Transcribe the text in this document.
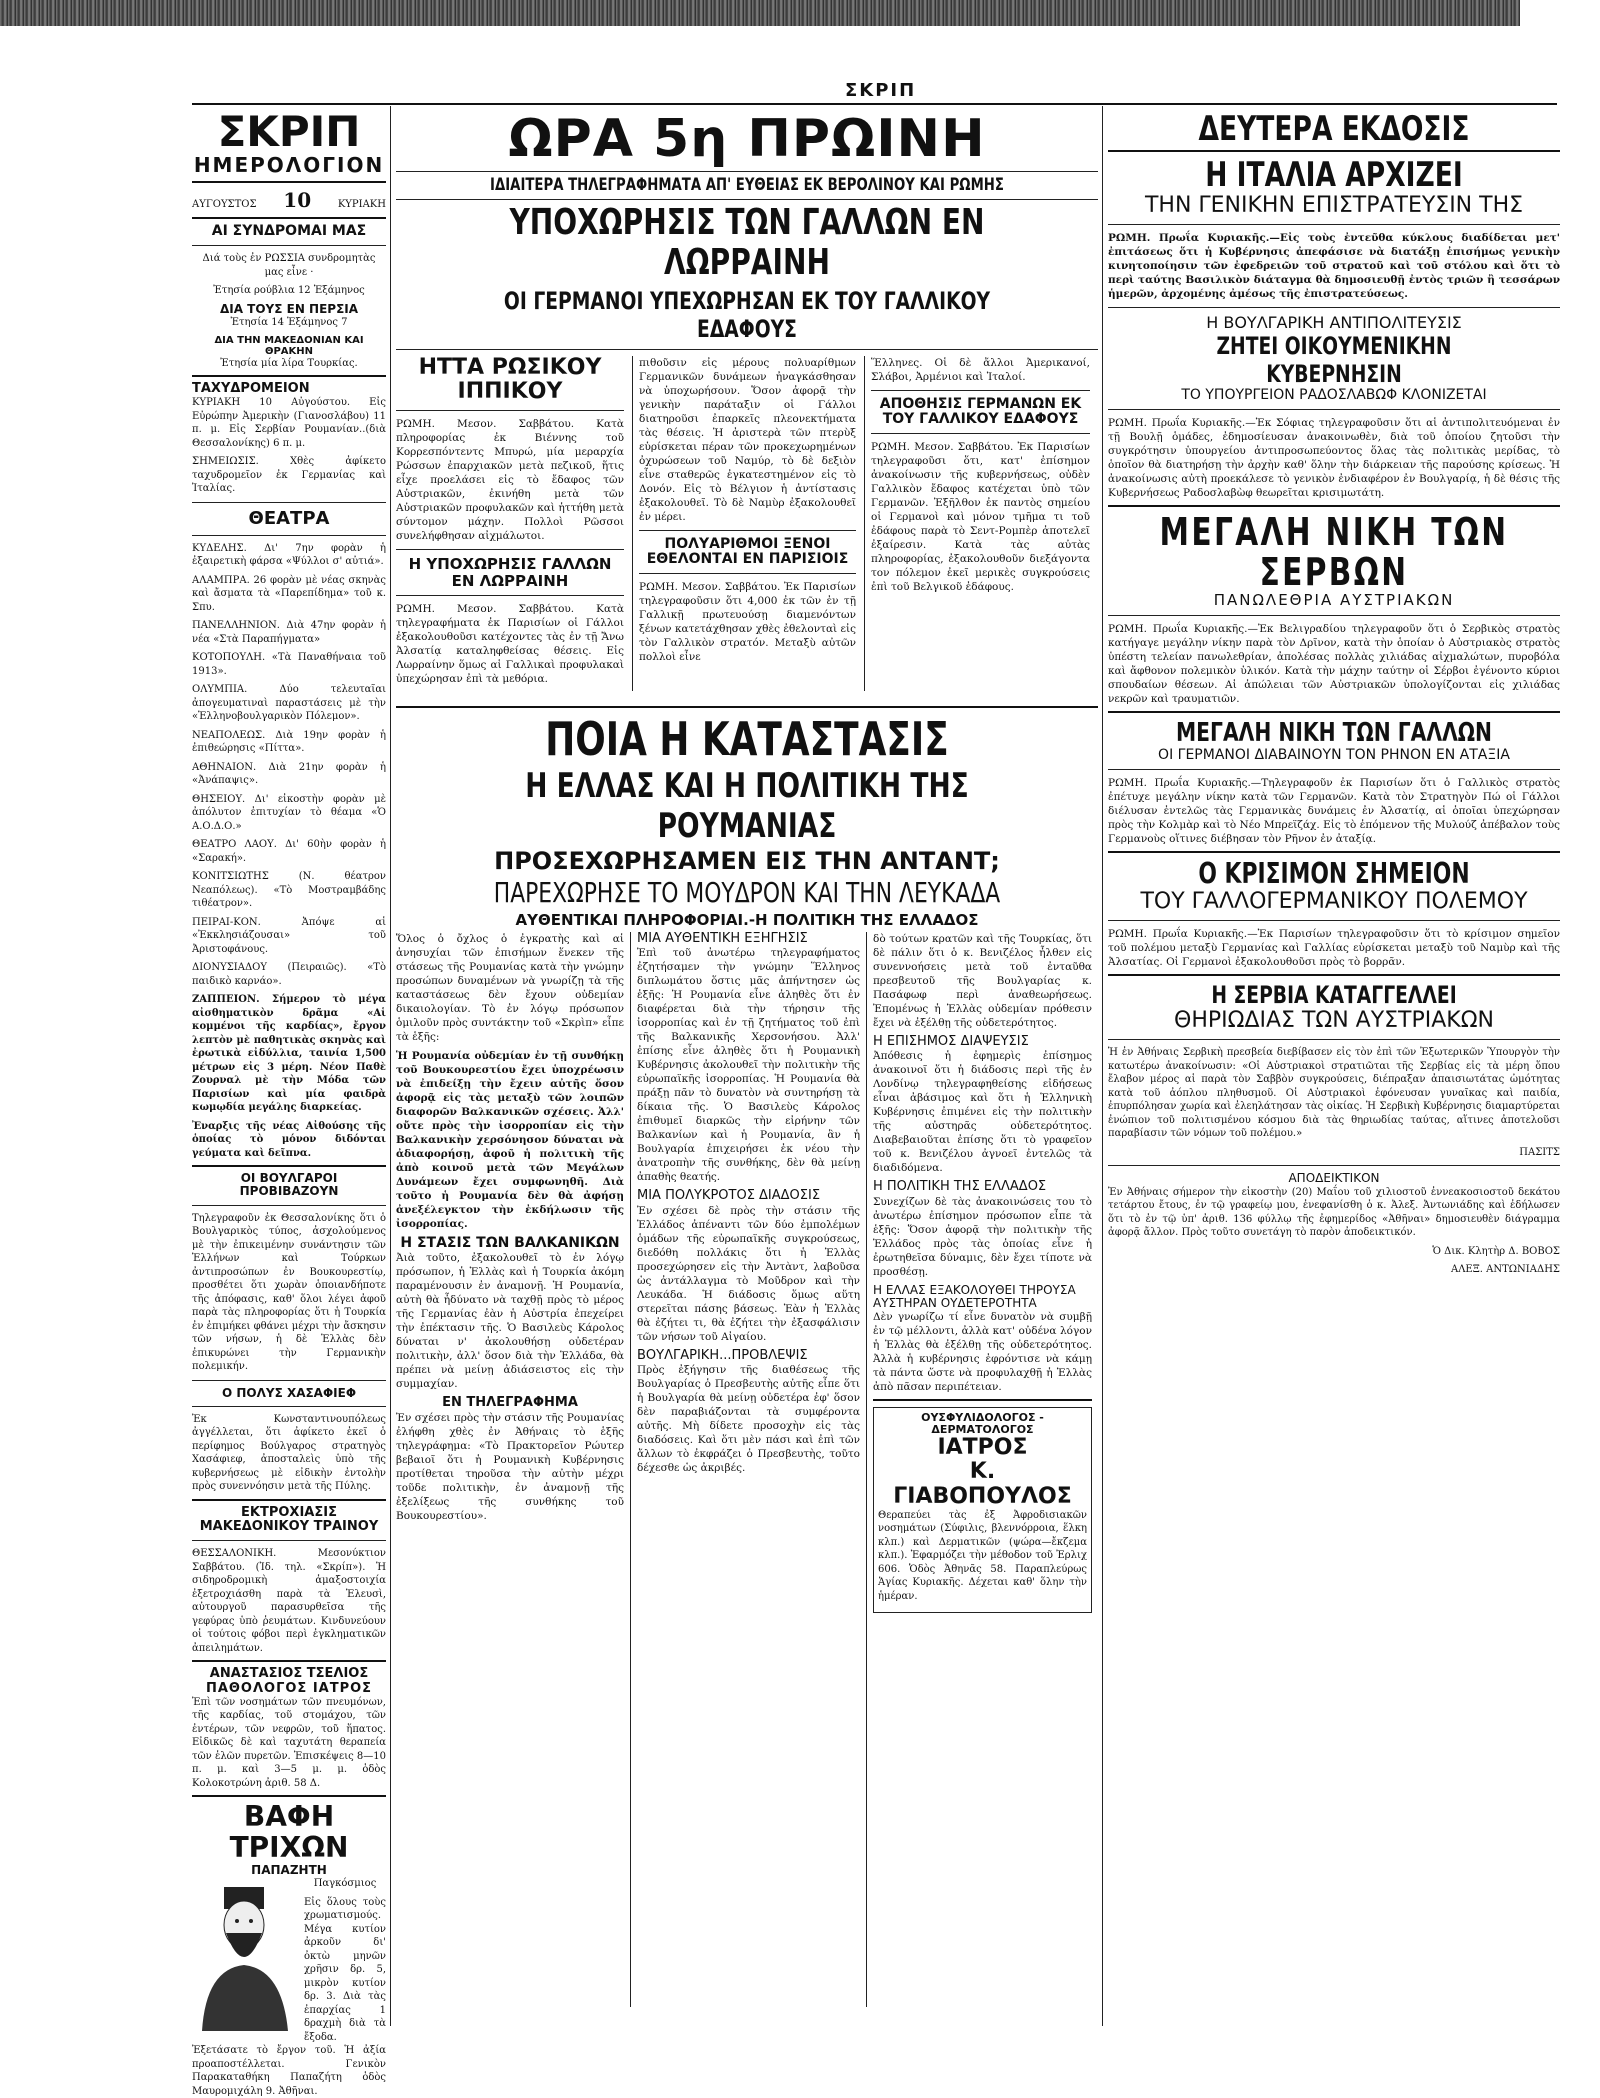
ΣΚΡΙΠ
ΣΚΡΙΠ
ΗΜΕΡΟΛΟΓΙΟΝ
ΑΥΓΟΥΣΤΟΣ 10	ΚΥΡΙΑΚΗ
ΑΙ ΣΥΝΔΡΟΜΑΙ ΜΑΣ
Διά τοὺς ἐν ΡΩΣΣΙΑ συνδρομητὰς μας εἶνε ·
Ἐτησία ρούβλια 12 Ἑξάμηνος
ΔΙΑ ΤΟΥΣ ΕΝ ΠΕΡΣΙΑ
Ἐτησία 14 Ἑξάμηνος 7
ΔΙΑ ΤΗΝ ΜΑΚΕΔΟΝΙΑΝ ΚΑΙ ΘΡΑΚΗΝ
Ἐτησία μία λίρα Τουρκίας.
ΤΑΧΥΔΡΟΜΕΙΟΝ
ΚΥΡΙΑΚΗ 10 Αὐγούστου. Εἰς Εὐρώπην Ἀμερικὴν (Γιανοσλάβου) 11 π. μ. Εἰς Σερβίαν Ρουμανίαν..(διὰ Θεσσαλονίκης) 6 π. μ.
ΣΗΜΕΙΩΣΙΣ. Χθὲς ἀφίκετο ταχυδρομεῖον ἐκ Γερμανίας καὶ Ἰταλίας.
ΘΕΑΤΡΑ
ΚΥΔΕΛΗΣ. Δι' 7ην φορὰν ἡ ἐξαιρετικὴ φάρσα «Ψύλλοι σ' αὐτιά».
ΑΛΑΜΠΡΑ. 26 φορὰν μὲ νέας σκηνὰς καὶ ἄσματα τὰ «Παρεπίδημα» τοῦ κ. Σπυ.
ΠΑΝΕΛΛΗΝΙΟΝ. Διὰ 47ην φορὰν ἡ νέα «Στὰ Παραπήγματα»
ΚΟΤΟΠΟΥΛΗ. «Τὰ Παναθήναια τοῦ 1913».
ΟΛΥΜΠΙΑ. Δύο τελευταῖαι ἀπογευματιναὶ παραστάσεις μὲ τὴν «Ἑλληνοβουλγαρικὸν Πόλεμον».
ΝΕΑΠΟΛΕΩΣ. Διὰ 19ην φορὰν ἡ ἐπιθεώρησις «Πίττα».
ΑΘΗΝΑΙΟΝ. Διὰ 21ην φορὰν ἡ «Ἀνάπαψις».
ΘΗΣΕΙΟΥ. Δι' εἰκοστὴν φορὰν μὲ ἀπόλυτον ἐπιτυχίαν τὸ θέαμα «Ὁ Α.Ο.Δ.Ο.»
ΘΕΑΤΡΟ ΛΑΟΥ. Δι' 60ὴν φορὰν ἡ «Σαρακή».
ΚΟΝΙΤΣΙΩΤΗΣ (Ν. θέατρον Νεαπόλεως). «Τὸ Μοστραμβάδης τιθέατρον».
ΠΕΙΡΑΙ-ΚΟΝ. Ἀπόψε αἱ «Ἐκκλησιάζουσαι» τοῦ Ἀριστοφάνους.
ΔΙΟΝΥΣΙΑΔΟΥ (Πειραιῶς). «Τὸ παιδικὸ καρνάο».
ΖΑΠΠΕΙΟΝ. Σήμερον τὸ μέγα αἰσθηματικὸν δρᾶμα «Αἱ κομμένοι τῆς καρδίας», ἔργον λεπτὸν μὲ παθητικὰς σκηνὰς καὶ ἐρωτικὰ εἰδύλλια, ταινία 1,500 μέτρων εἰς 3 μέρη. Νέον Παθὲ Ζουρναλ μὲ τὴν Μόδα τῶν Παρισίων καὶ μία φαιδρὰ κωμῳδία μεγάλης διαρκείας.
Ἐναρξις τῆς νέας Αἰθούσης τῆς ὁποίας τὸ μόνον διδόνται γεύματα καὶ δεῖπνα.
ΟΙ ΒΟΥΛΓΑΡΟΙ ΠΡΟΒΙΒΑΖΟΥΝ
Τηλεγραφοῦν ἐκ Θεσσαλονίκης ὅτι ὁ Βουλγαρικὸς τύπος, ἀσχολούμενος μὲ τὴν ἐπικειμένην συνάντησιν τῶν Ἑλλήνων καὶ Τούρκων ἀντιπροσώπων ἐν Βουκουρεστίῳ, προσθέτει ὅτι χωρὰν ὁποιανδήποτε τῆς ἀπόφασις, καθ' ὅλοι λέγει ἀφοῦ παρὰ τὰς πληροφορίας ὅτι ἡ Τουρκία ἐν ἐπιμήκει φθάνει μέχρι τὴν ἄσκησιν τῶν νήσων, ἡ δὲ Ἑλλὰς δὲν ἐπικυρώνει τὴν Γερμανικὴν πολεμικήν.
Ο ΠΟΛΥΣ ΧΑΣΑΦΙΕΦ
Ἐκ Κωνσταντινουπόλεως ἀγγέλλεται, ὅτι ἀφίκετο ἐκεῖ ὁ περίφημος Βούλγαρος στρατηγὸς Χασάφιεφ, ἀποσταλεὶς ὑπὸ τῆς κυβερνήσεως μὲ εἰδικὴν ἐντολὴν πρὸς συνεννόησιν μετὰ τῆς Πύλης.
ΕΚΤΡΟΧΙΑΣΙΣ ΜΑΚΕΔΟΝΙΚΟΥ ΤΡΑΙΝΟΥ
ΘΕΣΣΑΛΟΝΙΚΗ. Μεσονύκτιον Σαββάτου. (Ἰδ. τηλ. «Σκρίπ»). Ἡ σιδηροδρομικὴ ἁμαξοστοιχία ἐξετροχιάσθη παρὰ τὰ Ἑλευσὶ, αὐτουργοῦ παρασυρθεῖσα τῆς γεφύρας ὑπὸ ῥευμάτων. Κινδυνεύουν οἱ τούτοις φόβοι περὶ ἐγκληματικῶν ἀπειλημάτων.
ΑΝΑΣΤΑΣΙΟΣ ΤΣΕΛΙΟΣ
ΠΑΘΟΛΟΓΟΣ ΙΑΤΡΟΣ
Ἐπὶ τῶν νοσημάτων τῶν πνευμόνων, τῆς καρδίας, τοῦ στομάχου, τῶν ἐντέρων, τῶν νεφρῶν, τοῦ ἥπατος. Εἰδικῶς δὲ καὶ ταχυτάτη θεραπεία τῶν ἑλῶν πυρετῶν. Ἐπισκέψεις 8—10 π. μ. καὶ 3—5 μ. μ. ὁδὸς Κολοκοτρώνη ἀριθ. 58 Δ.
ΒΑΦΗ ΤΡΙΧΩΝ
ΠΑΠΑΖΗΤΗ
Παγκόσμιος
Εἰς ὅλους τοὺς χρωματισμούς. Μέγα κυτίον ἀρκοῦν δι' ὀκτὼ μηνῶν χρῆσιν δρ. 5, μικρὸν κυτίον δρ. 3. Διὰ τὰς ἐπαρχίας 1 δραχμὴ διὰ τὰ ἔξοδα. Ἐξετάσατε τὸ ἔργον τοῦ. Ἡ ἀξία προαποστέλλεται. Γενικὸν Παρακαταθήκη Παπαζήτη ὁδὸς Μαυρομιχάλη 9. Ἀθῆναι.
ΩΡΑ 5η ΠΡΩΙΝΗ
ΙΔΙΑΙΤΕΡΑ ΤΗΛΕΓΡΑΦΗΜΑΤΑ ΑΠ' ΕΥΘΕΙΑΣ ΕΚ ΒΕΡΟΛΙΝΟΥ ΚΑΙ ΡΩΜΗΣ
ΥΠΟΧΩΡΗΣΙΣ ΤΩΝ ΓΑΛΛΩΝ ΕΝ ΛΩΡΡΑΙΝΗ
ΟΙ ΓΕΡΜΑΝΟΙ ΥΠΕΧΩΡΗΣΑΝ ΕΚ ΤΟΥ ΓΑΛΛΙΚΟΥ ΕΔΑΦΟΥΣ
ΗΤΤΑ ΡΩΣΙΚΟΥ ΙΠΠΙΚΟΥ
ΡΩΜΗ. Μεσον. Σαββάτου. Κατὰ πληροφορίας ἐκ Βιέννης τοῦ Κορρεσπόντεντς Μπυρώ, μία μεραρχία Ρώσσων ἐπαρχιακῶν μετὰ πεζικοῦ, ἥτις εἶχε προελάσει εἰς τὸ ἔδαφος τῶν Αὐστριακῶν, ἐκινήθη μετὰ τῶν Αὐστριακῶν προφυλακῶν καὶ ἡττήθη μετὰ σύντομον μάχην. Πολλοὶ Ρῶσσοι συνελήφθησαν αἰχμάλωτοι.
Η ΥΠΟΧΩΡΗΣΙΣ ΓΑΛΛΩΝ ΕΝ ΛΩΡΡΑΙΝΗ
ΡΩΜΗ. Μεσον. Σαββάτου. Κατὰ τηλεγραφήματα ἐκ Παρισίων οἱ Γάλλοι ἐξακολουθοῦσι κατέχοντες τὰς ἐν τῇ Ἄνω Ἀλσατίᾳ καταληφθείσας θέσεις. Εἰς Λωρραίνην ὅμως αἱ Γαλλικαὶ προφυλακαὶ ὑπεχώρησαν ἐπὶ τὰ μεθόρια.
πιθοῦσιν εἰς μέρους πολυαρίθμων Γερμανικῶν δυνάμεων ἠναγκάσθησαν νὰ ὑποχωρήσουν. Ὅσον ἀφορᾷ τὴν γενικὴν παράταξιν οἱ Γάλλοι διατηροῦσι ἐπαρκεῖς πλεονεκτήματα τὰς θέσεις. Ἡ ἀριστερὰ τῶν πτερὺξ εὑρίσκεται πέραν τῶν προκεχωρημένων ὀχυρώσεων τοῦ Ναμύρ, τὸ δὲ δεξιὸν εἶνε σταθερῶς ἐγκατεστημένον εἰς τὸ Δονόν. Εἰς τὸ Βέλγιον ἡ ἀντίστασις ἐξακολουθεῖ. Τὸ δὲ Ναμὺρ ἐξακολουθεῖ ἐν μέρει.
ΠΟΛΥΑΡΙΘΜΟΙ ΞΕΝΟΙ ΕΘΕΛΟΝΤΑΙ ΕΝ ΠΑΡΙΣΙΟΙΣ
ΡΩΜΗ. Μεσον. Σαββάτου. Ἐκ Παρισίων τηλεγραφοῦσιν ὅτι 4,000 ἐκ τῶν ἐν τῇ Γαλλικῇ πρωτευούσῃ διαμενόντων ξένων κατετάχθησαν χθὲς ἐθελονταὶ εἰς τὸν Γαλλικὸν στρατόν. Μεταξὺ αὐτῶν πολλοὶ εἶνε
Ἕλληνες. Οἱ δὲ ἄλλοι Ἀμερικανοί, Σλάβοι, Ἀρμένιοι καὶ Ἰταλοί.
ΑΠΟΘΗΣΙΣ ΓΕΡΜΑΝΩΝ ΕΚ ΤΟΥ ΓΑΛΛΙΚΟΥ ΕΔΑΦΟΥΣ
ΡΩΜΗ. Μεσον. Σαββάτου. Ἐκ Παρισίων τηλεγραφοῦσι ὅτι, κατ' ἐπίσημον ἀνακοίνωσιν τῆς κυβερνήσεως, οὐδὲν Γαλλικὸν ἔδαφος κατέχεται ὑπὸ τῶν Γερμανῶν. Ἐξῆλθον ἐκ παντὸς σημείου οἱ Γερμανοὶ καὶ μόνον τμῆμα τι τοῦ ἐδάφους παρὰ τὸ Σεντ-Ρομπὲρ ἀποτελεῖ ἐξαίρεσιν. Κατὰ τὰς αὐτὰς πληροφορίας, ἐξακολουθοῦν διεξάγοντα τον πόλεμον ἐκεῖ μερικὲς συγκρούσεις ἐπὶ τοῦ Βελγικοῦ ἐδάφους.
ΠΟΙΑ Η ΚΑΤΑΣΤΑΣΙΣ
Η ΕΛΛΑΣ ΚΑΙ Η ΠΟΛΙΤΙΚΗ ΤΗΣ ΡΟΥΜΑΝΙΑΣ
ΠΡΟΣΕΧΩΡΗΣΑΜΕΝ ΕΙΣ ΤΗΝ ΑΝΤΑΝΤ;
ΠΑΡΕΧΩΡΗΣΕ ΤΟ ΜΟΥΔΡΟΝ ΚΑΙ ΤΗΝ ΛΕΥΚΑΔΑ
ΑΥΘΕΝΤΙΚΑΙ ΠΛΗΡΟΦΟΡΙΑΙ.-Η ΠΟΛΙΤΙΚΗ ΤΗΣ ΕΛΛΑΔΟΣ
Ὅλος ὁ ὄχλος ὁ ἐγκρατὴς καὶ αἱ ἀνησυχίαι τῶν ἐπισήμων ἕνεκεν τῆς στάσεως τῆς Ρουμανίας κατὰ τὴν γνώμην προσώπων δυναμένων νὰ γνωρίζῃ τὰ τῆς καταστάσεως δὲν ἔχουν οὐδεμίαν δικαιολογίαν. Τὸ ἐν λόγῳ πρόσωπον ὁμιλοῦν πρὸς συντάκτην τοῦ «Σκρὶπ» εἶπε τὰ ἑξῆς:
Ἡ Ρουμανία οὐδεμίαν ἐν τῇ συνθήκῃ τοῦ Βουκουρεστίου ἔχει ὑποχρέωσιν νὰ ἐπιδείξῃ τὴν ἔχειν αὐτῆς ὅσον ἀφορᾷ εἰς τὰς μεταξὺ τῶν λοιπῶν διαφορῶν Βαλκανικῶν σχέσεις. Ἀλλ' οὔτε πρὸς τὴν ἰσορροπίαν εἰς τὴν Βαλκανικὴν χερσόνησον δύναται νὰ ἀδιαφορήσῃ, ἀφοῦ ἡ πολιτικὴ τῆς ἀπὸ κοινοῦ μετὰ τῶν Μεγάλων Δυνάμεων ἔχει συμφωνηθῆ. Διὰ τοῦτο ἡ Ρουμανία δὲν θὰ ἀφήσῃ ἀνεξέλεγκτον τὴν ἐκδήλωσιν τῆς ἰσορροπίας.
Η ΣΤΑΣΙΣ ΤΩΝ ΒΑΛΚΑΝΙΚΩΝ
Ἀιὰ τοῦτο, ἐξακολουθεῖ τὸ ἐν λόγῳ πρόσωπον, ἡ Ἑλλὰς καὶ ἡ Τουρκία ἀκόμη παραμένουσιν ἐν ἀναμονῇ. Ἡ Ρουμανία, αὐτὴ θὰ ἦδύνατο νὰ ταχθῇ πρὸς τὸ μέρος τῆς Γερμανίας ἐὰν ἡ Αὐστρία ἐπεχείρει τὴν ἐπέκτασιν τῆς. Ὁ Βασιλεὺς Κάρολος δύναται ν' ἀκολουθήσῃ οὐδετέραν πολιτικὴν, ἀλλ' ὅσον διὰ τὴν Ἑλλάδα, θὰ πρέπει νὰ μείνῃ ἀδιάσειστος εἰς τὴν συμμαχίαν.
ΕΝ ΤΗΛΕΓΡΑΦΗΜΑ
Ἐν σχέσει πρὸς τὴν στάσιν τῆς Ρουμανίας ἐλήφθη χθὲς ἐν Ἀθήναις τὸ ἑξῆς τηλεγράφημα: «Τὸ Πρακτορεῖον Ρώυτερ βεβαιοῖ ὅτι ἡ Ρουμανικὴ Κυβέρνησις προτίθεται τηροῦσα τὴν αὐτὴν μέχρι τοῦδε πολιτικὴν, ἐν ἀναμονῇ τῆς ἐξελίξεως τῆς συνθήκης τοῦ Βουκουρεστίου».
ΜΙΑ ΑΥΘΕΝΤΙΚΗ ΕΞΗΓΗΣΙΣ
Ἐπὶ τοῦ ἀνωτέρω τηλεγραφήματος ἐζητήσαμεν τὴν γνώμην Ἕλληνος διπλωμάτου ὅστις μᾶς ἀπήντησεν ὡς ἑξῆς: Ἡ Ρουμανία εἶνε ἀληθὲς ὅτι ἐν διαφέρεται διὰ τὴν τήρησιν τῆς ἰσορροπίας καὶ ἐν τῇ ζητήματος τοῦ ἐπὶ τῆς Βαλκανικῆς Χερσονήσου. Ἀλλ' ἐπίσης εἶνε ἀληθὲς ὅτι ἡ Ρουμανικὴ Κυβέρνησις ἀκολουθεῖ τὴν πολιτικὴν τῆς εὐρωπαϊκῆς ἰσορροπίας. Ἡ Ρουμανία θὰ πράξῃ πᾶν τὸ δυνατὸν νὰ συντηρήσῃ τὰ δίκαια τῆς. Ὁ Βασιλεὺς Κάρολος ἐπιθυμεῖ διαρκῶς τὴν εἰρήνην τῶν Βαλκανίων καὶ ἡ Ρουμανία, ἂν ἡ Βουλγαρία ἐπιχειρήσει ἐκ νέου τὴν ἀνατροπὴν τῆς συνθήκης, δὲν θὰ μείνῃ ἀπαθὴς θεατής.
ΜΙΑ ΠΟΛΥΚΡΟΤΟΣ ΔΙΑΔΟΣΙΣ
Ἐν σχέσει δὲ πρὸς τὴν στάσιν τῆς Ἑλλάδος ἀπέναντι τῶν δύο ἐμπολέμων ὁμάδων τῆς εὐρωπαϊκῆς συγκρούσεως, διεδόθη πολλάκις ὅτι ἡ Ἑλλὰς προσεχώρησεν εἰς τὴν Ἀντὰντ, λαβοῦσα ὡς ἀντάλλαγμα τὸ Μοῦδρον καὶ τὴν Λευκάδα. Ἡ διάδοσις ὅμως αὕτη στερεῖται πάσης βάσεως. Ἐὰν ἡ Ἑλλὰς θὰ ἐζήτει τι, θὰ ἐζήτει τὴν ἐξασφάλισιν τῶν νήσων τοῦ Αἰγαίου.
ΒΟΥΛΓΑΡΙΚΗ...ΠΡΟΒΛΕΨΙΣ
Πρὸς ἐξήγησιν τῆς διαθέσεως τῆς Βουλγαρίας ὁ Πρεσβευτὴς αὐτῆς εἶπε ὅτι ἡ Βουλγαρία θὰ μείνῃ οὐδετέρα ἐφ' ὅσον δὲν παραβιάζονται τὰ συμφέροντα αὐτῆς. Μὴ δίδετε προσοχὴν εἰς τὰς διαδόσεις. Καὶ ὅτι μὲν πάσι καὶ ἐπὶ τῶν ἄλλων τὸ ἐκφράζει ὁ Πρεσβευτὴς, τοῦτο δέχεσθε ὡς ἀκριβές.
δὸ τούτων κρατῶν καὶ τῆς Τουρκίας, ὅτι δὲ πάλιν ὅτι ὁ κ. Βενιζέλος ἦλθεν εἰς συνεννοήσεις μετὰ τοῦ ἐνταῦθα πρεσβευτοῦ τῆς Βουλγαρίας κ. Πασάφωφ περὶ ἀναθεωρήσεως. Ἐπομένως ἡ Ἑλλὰς οὐδεμίαν πρόθεσιν ἔχει νὰ ἐξέλθῃ τῆς οὐδετερότητος.
Η ΕΠΙΣΗΜΟΣ ΔΙΑΨΕΥΣΙΣ
Ἀπόθεσις ἡ ἐφημερὶς ἐπίσημος ἀνακοινοῖ ὅτι ἡ διάδοσις περὶ τῆς ἐν Λονδίνῳ τηλεγραφηθείσης εἰδήσεως εἶναι ἀβάσιμος καὶ ὅτι ἡ Ἑλληνικὴ Κυβέρνησις ἐπιμένει εἰς τὴν πολιτικὴν τῆς αὐστηρᾶς οὐδετερότητος. Διαβεβαιοῦται ἐπίσης ὅτι τὸ γραφεῖον τοῦ κ. Βενιζέλου ἀγνοεῖ ἐντελῶς τὰ διαδιδόμενα.
Η ΠΟΛΙΤΙΚΗ ΤΗΣ ΕΛΛΑΔΟΣ
Συνεχίζων δὲ τὰς ἀνακοινώσεις του τὸ ἀνωτέρω ἐπίσημον πρόσωπον εἶπε τὰ ἑξῆς: Ὅσον ἀφορᾷ τὴν πολιτικὴν τῆς Ἑλλάδος πρὸς τὰς ὁποίας εἶνε ἡ ἐρωτηθεῖσα δύναμις, δὲν ἔχει τίποτε νὰ προσθέσῃ.
Η ΕΛΛΑΣ ΕΞΑΚΟΛΟΥΘΕΙ ΤΗΡΟΥΣΑ ΑΥΣΤΗΡΑΝ ΟΥΔΕΤΕΡΟΤΗΤΑ
Δὲν γνωρίζω τί εἶνε δυνατὸν νὰ συμβῇ ἐν τῷ μέλλοντι, ἀλλὰ κατ' οὐδένα λόγον ἡ Ἑλλὰς θὰ ἐξέλθῃ τῆς οὐδετερότητος. Ἀλλὰ ἡ κυβέρνησις ἐφρόντισε νὰ κάμῃ τὰ πάντα ὥστε νὰ προφυλαχθῇ ἡ Ἑλλὰς ἀπὸ πᾶσαν περιπέτειαν.
ΟΥΣΦΥΛΙΔΟΛΟΓΟΣ - ΔΕΡΜΑΤΟΛΟΓΟΣ
ΙΑΤΡΟΣ
Κ. ΓΙΑΒΟΠΟΥΛΟΣ
Θεραπεύει τὰς ἐξ Ἀφροδισιακῶν νοσημάτων (Σύφιλις, βλεννόρροια, ἕλκη κλπ.) καὶ Δερματικῶν (ψώρα—ἔκζεμα κλπ.). Ἐφαρμόζει τὴν μέθοδον τοῦ Ἐρλιχ 606. Ὁδὸς Ἀθηνᾶς 58. Παραπλεύρως Ἁγίας Κυριακῆς. Δέχεται καθ' ὅλην τὴν ἡμέραν.
ΔΕΥΤΕΡΑ ΕΚΔΟΣΙΣ
Η ΙΤΑΛΙΑ ΑΡΧΙΖΕΙ
ΤΗΝ ΓΕΝΙΚΗΝ ΕΠΙΣΤΡΑΤΕΥΣΙΝ ΤΗΣ
ΡΩΜΗ. Πρωΐα Κυριακῆς.—Εἰς τοὺς ἐντεῦθα κύκλους διαδίδεται μετ' ἐπιτάσεως ὅτι ἡ Κυβέρνησις ἀπεφάσισε νὰ διατάξῃ ἐπισήμως γενικὴν κινητοποίησιν τῶν ἐφεδρειῶν τοῦ στρατοῦ καὶ τοῦ στόλου καὶ ὅτι τὸ περὶ ταύτης Βασιλικὸν διάταγμα θὰ δημοσιευθῇ ἐντὸς τριῶν ἢ τεσσάρων ἡμερῶν, ἀρχομένης ἀμέσως τῆς ἐπιστρατεύσεως.
Η ΒΟΥΛΓΑΡΙΚΗ ΑΝΤΙΠΟΛΙΤΕΥΣΙΣ
ΖΗΤΕΙ ΟΙΚΟΥΜΕΝΙΚΗΝ ΚΥΒΕΡΝΗΣΙΝ
ΤΟ ΥΠΟΥΡΓΕΙΟΝ ΡΑΔΟΣΛΑΒΩΦ ΚΛΟΝΙΖΕΤΑΙ
ΡΩΜΗ. Πρωΐα Κυριακῆς.—Ἐκ Σόφιας τηλεγραφοῦσιν ὅτι αἱ ἀντιπολιτευόμεναι ἐν τῇ Βουλῇ ὁμάδες, ἐδημοσίευσαν ἀνακοινωθὲν, διὰ τοῦ ὁποίου ζητοῦσι τὴν συγκρότησιν ὑπουργείου ἀντιπροσωπεύοντος ὅλας τὰς πολιτικὰς μερίδας, τὸ ὁποῖον θὰ διατηρήσῃ τὴν ἀρχὴν καθ' ὅλην τὴν διάρκειαν τῆς παρούσης κρίσεως. Ἡ ἀνακοίνωσις αὐτὴ προεκάλεσε τὸ γενικὸν ἐνδιαφέρον ἐν Βουλγαρίᾳ, ἡ δὲ θέσις τῆς Κυβερνήσεως Ραδοσλαβὼφ θεωρεῖται κρισιμωτάτη.
ΜΕΓΑΛΗ ΝΙΚΗ ΤΩΝ ΣΕΡΒΩΝ
ΠΑΝΩΛΕΘΡΙΑ ΑΥΣΤΡΙΑΚΩΝ
ΡΩΜΗ. Πρωΐα Κυριακῆς.—Ἐκ Βελιγραδίου τηλεγραφοῦν ὅτι ὁ Σερβικὸς στρατὸς κατήγαγε μεγάλην νίκην παρὰ τὸν Δρῖνον, κατὰ τὴν ὁποίαν ὁ Αὐστριακὸς στρατὸς ὑπέστη τελείαν πανωλεθρίαν, ἀπολέσας πολλὰς χιλιάδας αἰχμαλώτων, πυροβόλα καὶ ἄφθονον πολεμικὸν ὑλικόν. Κατὰ τὴν μάχην ταύτην οἱ Σέρβοι ἐγένοντο κύριοι σπουδαίων θέσεων. Αἱ ἀπώλειαι τῶν Αὐστριακῶν ὑπολογίζονται εἰς χιλιάδας νεκρῶν καὶ τραυματιῶν.
ΜΕΓΑΛΗ ΝΙΚΗ ΤΩΝ ΓΑΛΛΩΝ
ΟΙ ΓΕΡΜΑΝΟΙ ΔΙΑΒΑΙΝΟΥΝ ΤΟΝ ΡΗΝΟΝ ΕΝ ΑΤΑΞΙΑ
ΡΩΜΗ. Πρωΐα Κυριακῆς.—Τηλεγραφοῦν ἐκ Παρισίων ὅτι ὁ Γαλλικὸς στρατὸς ἐπέτυχε μεγάλην νίκην κατὰ τῶν Γερμανῶν. Κατὰ τὸν Στρατηγὸν Πώ οἱ Γάλλοι διέλυσαν ἐντελῶς τὰς Γερμανικὰς δυνάμεις ἐν Ἀλσατίᾳ, αἱ ὁποῖαι ὑπεχώρησαν πρὸς τὴν Κολμὰρ καὶ τὸ Νέο Μπρεϊζάχ. Εἰς τὸ ἐπόμενον τῆς Μυλούζ ἀπέβαλον τοὺς Γερμανοὺς οἵτινες διέβησαν τὸν Ρῆνον ἐν ἀταξίᾳ.
Ο ΚΡΙΣΙΜΟΝ ΣΗΜΕΙΟΝ
ΤΟΥ ΓΑΛΛΟΓΕΡΜΑΝΙΚΟΥ ΠΟΛΕΜΟΥ
ΡΩΜΗ. Πρωΐα Κυριακῆς.—Ἐκ Παρισίων τηλεγραφοῦσιν ὅτι τὸ κρίσιμον σημεῖον τοῦ πολέμου μεταξὺ Γερμανίας καὶ Γαλλίας εὑρίσκεται μεταξὺ τοῦ Ναμὺρ καὶ τῆς Ἀλσατίας. Οἱ Γερμανοὶ ἐξακολουθοῦσι πρὸς τὸ βορρᾶν.
Η ΣΕΡΒΙΑ ΚΑΤΑΓΓΕΛΛΕΙ
ΘΗΡΙΩΔΙΑΣ ΤΩΝ ΑΥΣΤΡΙΑΚΩΝ
Ἡ ἐν Ἀθήναις Σερβικὴ πρεσβεία διεβίβασεν εἰς τὸν ἐπὶ τῶν Ἐξωτερικῶν Ὑπουργὸν τὴν κατωτέρω ἀνακοίνωσιν: «Οἱ Αὐστριακοὶ στρατιῶται τῆς Σερβίας εἰς τὰ μέρη ὅπου ἔλαβον μέρος αἱ παρὰ τὸν Σαββὸν συγκρούσεις, διέπραξαν ἀπαισιωτάτας ὠμότητας κατὰ τοῦ ἀόπλου πληθυσμοῦ. Οἱ Αὐστριακοὶ ἐφόνευσαν γυναῖκας καὶ παιδία, ἐπυρπόλησαν χωρία καὶ ἐλεηλάτησαν τὰς οἰκίας. Ἡ Σερβικὴ Κυβέρνησις διαμαρτύρεται ἐνώπιον τοῦ πολιτισμένου κόσμου διὰ τὰς θηριωδίας ταύτας, αἵτινες ἀποτελοῦσι παραβίασιν τῶν νόμων τοῦ πολέμου.»
ΠΑΣΙΤΣ
ΑΠΟΔΕΙΚΤΙΚΟΝ
Ἐν Ἀθήναις σήμερον τὴν εἰκοστὴν (20) Μαΐου τοῦ χιλιοστοῦ ἐννεακοσιοστοῦ δεκάτου τετάρτου ἔτους, ἐν τῷ γραφείῳ μου, ἐνεφανίσθη ὁ κ. Ἀλεξ. Ἀντωνιάδης καὶ ἐδήλωσεν ὅτι τὸ ἐν τῷ ὑπ' ἀριθ. 136 φύλλῳ τῆς ἐφημερίδος «Ἀθῆναι» δημοσιευθὲν διάγραμμα ἀφορᾷ ἄλλον. Πρὸς τοῦτο συνετάγη τὸ παρὸν ἀποδεικτικόν.
Ὁ Δικ. Κλητὴρ Δ. ΒΟΒΟΣ
ΑΛΕΞ. ΑΝΤΩΝΙΑΔΗΣ
